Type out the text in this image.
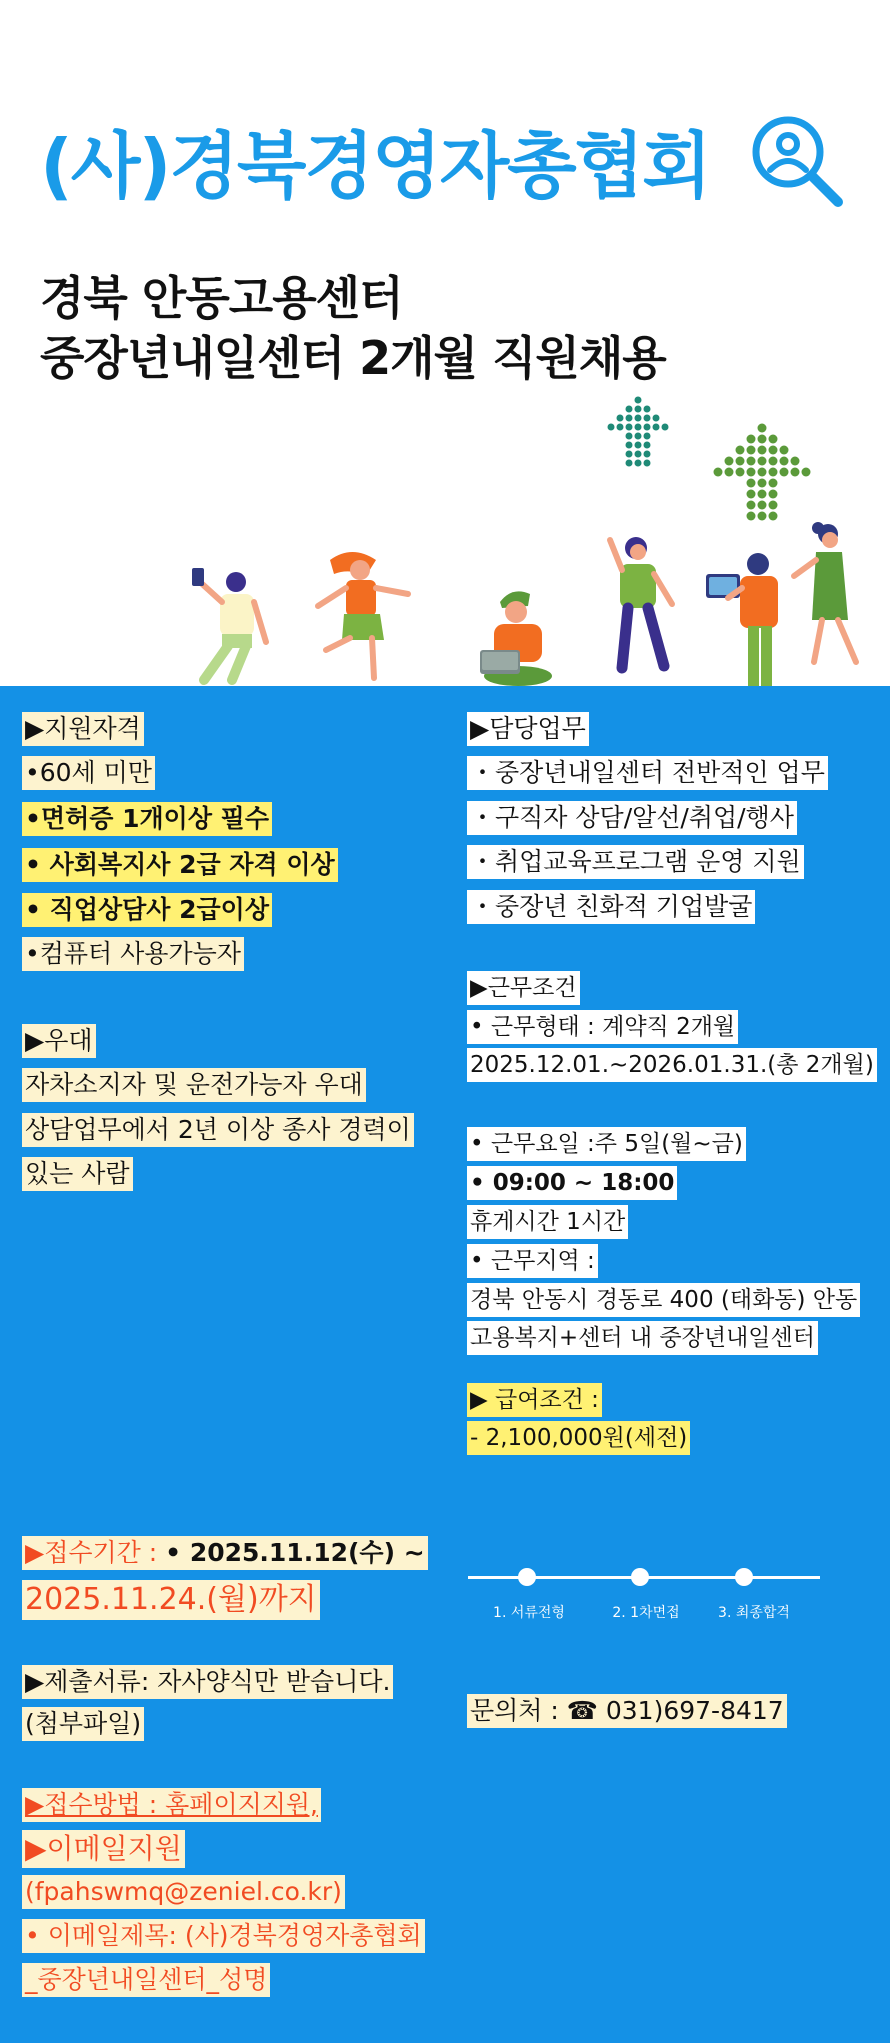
(사)경북경영자총협회
경북 안동고용센터
중장년내일센터 2개월 직원채용
▶지원자격
•60세 미만
•면허증 1개이상 필수
• 사회복지사 2급 자격 이상
• 직업상담사 2급이상
•컴퓨터 사용가능자
▶우대
자차소지자 및 운전가능자 우대
상담업무에서 2년 이상 종사 경력이
있는 사람
▶담당업무
・중장년내일센터 전반적인 업무
・구직자 상담/알선/취업/행사
・취업교육프로그램 운영 지원
・중장년 친화적 기업발굴
▶근무조건
• 근무형태 : 계약직 2개월
2025.12.01.~2026.01.31.(총 2개월)
• 근무요일 :주 5일(월~금)
• 09:00 ~ 18:00
휴게시간 1시간
• 근무지역 :
경북 안동시 경동로 400 (태화동) 안동
고용복지+센터 내 중장년내일센터
▶ 급여조건 :
- 2,100,000원(세전)
▶접수기간 : • 2025.11.12(수) ~
2025.11.24.(월)까지
▶제출서류: 자사양식만 받습니다.
(첨부파일)
▶접수방법 : 홈페이지지원,
▶이메일지원
(fpahswmq@zeniel.co.kr)
• 이메일제목: (사)경북경영자총협회
_중장년내일센터_성명
1. 서류전형	2. 1차면접	3. 최종합격
문의처 : ☎ 031)697-8417
